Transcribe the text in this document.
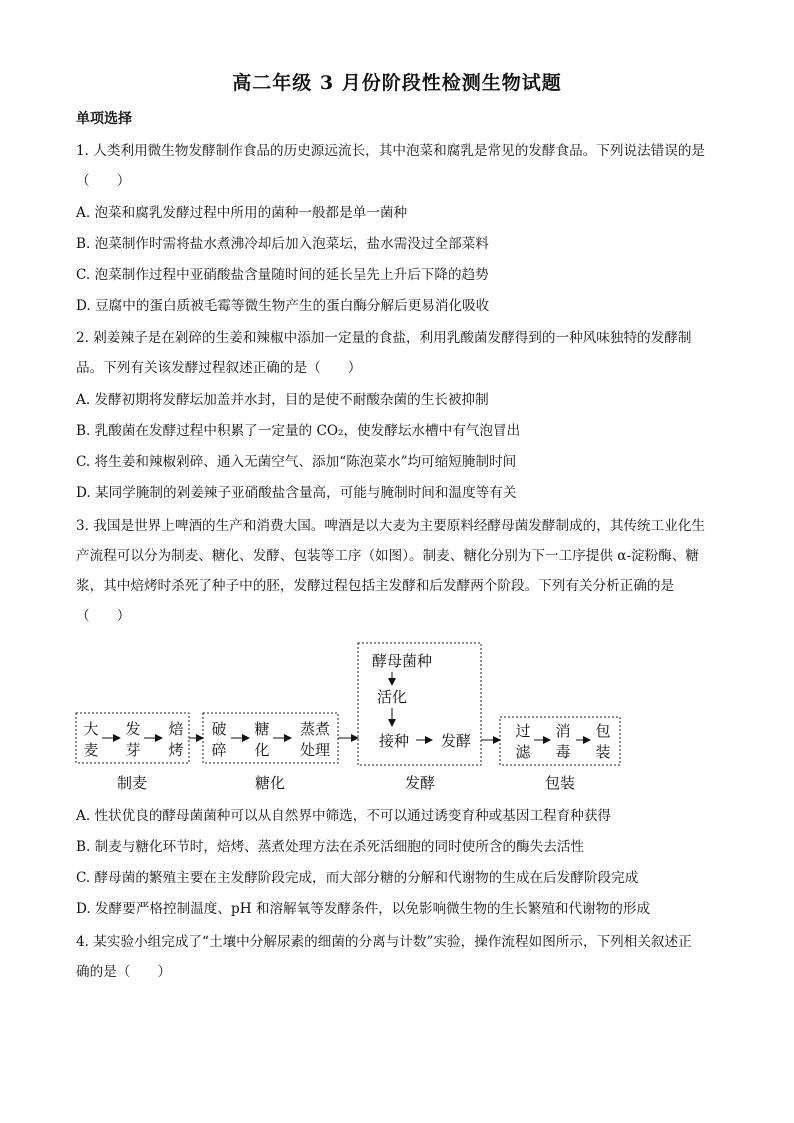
高二年级 3 月份阶段性检测生物试题
单项选择
1. 人类利用微生物发酵制作食品的历史源远流长，其中泡菜和腐乳是常见的发酵食品。下列说法错误的是
（　　）
A. 泡菜和腐乳发酵过程中所用的菌种一般都是单一菌种
B. 泡菜制作时需将盐水煮沸冷却后加入泡菜坛，盐水需没过全部菜料
C. 泡菜制作过程中亚硝酸盐含量随时间的延长呈先上升后下降的趋势
D. 豆腐中的蛋白质被毛霉等微生物产生的蛋白酶分解后更易消化吸收
2. 剁姜辣子是在剁碎的生姜和辣椒中添加一定量的食盐，利用乳酸菌发酵得到的一种风味独特的发酵制
品。下列有关该发酵过程叙述正确的是（　　）
A. 发酵初期将发酵坛加盖并水封，目的是使不耐酸杂菌的生长被抑制
B. 乳酸菌在发酵过程中积累了一定量的 CO₂，使发酵坛水槽中有气泡冒出
C. 将生姜和辣椒剁碎、通入无菌空气、添加“陈泡菜水”均可缩短腌制时间
D. 某同学腌制的剁姜辣子亚硝酸盐含量高，可能与腌制时间和温度等有关
3. 我国是世界上啤酒的生产和消费大国。啤酒是以大麦为主要原料经酵母菌发酵制成的，其传统工业化生
产流程可以分为制麦、糖化、发酵、包装等工序（如图）。制麦、糖化分别为下一工序提供 α-淀粉酶、糖
浆，其中焙烤时杀死了种子中的胚，发酵过程包括主发酵和后发酵两个阶段。下列有关分析正确的是
（　　）
大
麦
发
芽
焙
烤
制麦
破
碎
糖
化
蒸煮
处理
糖化
酵母菌种
活化
接种	发酵
发酵
过
滤
消
毒
包
装
包装
A. 性状优良的酵母菌菌种可以从自然界中筛选，不可以通过诱变育种或基因工程育种获得
B. 制麦与糖化环节时，焙烤、蒸煮处理方法在杀死活细胞的同时使所含的酶失去活性
C. 酵母菌的繁殖主要在主发酵阶段完成，而大部分糖的分解和代谢物的生成在后发酵阶段完成
D. 发酵要严格控制温度、pH 和溶解氧等发酵条件，以免影响微生物的生长繁殖和代谢物的形成
4. 某实验小组完成了“土壤中分解尿素的细菌的分离与计数”实验，操作流程如图所示，下列相关叙述正
确的是（　　）
